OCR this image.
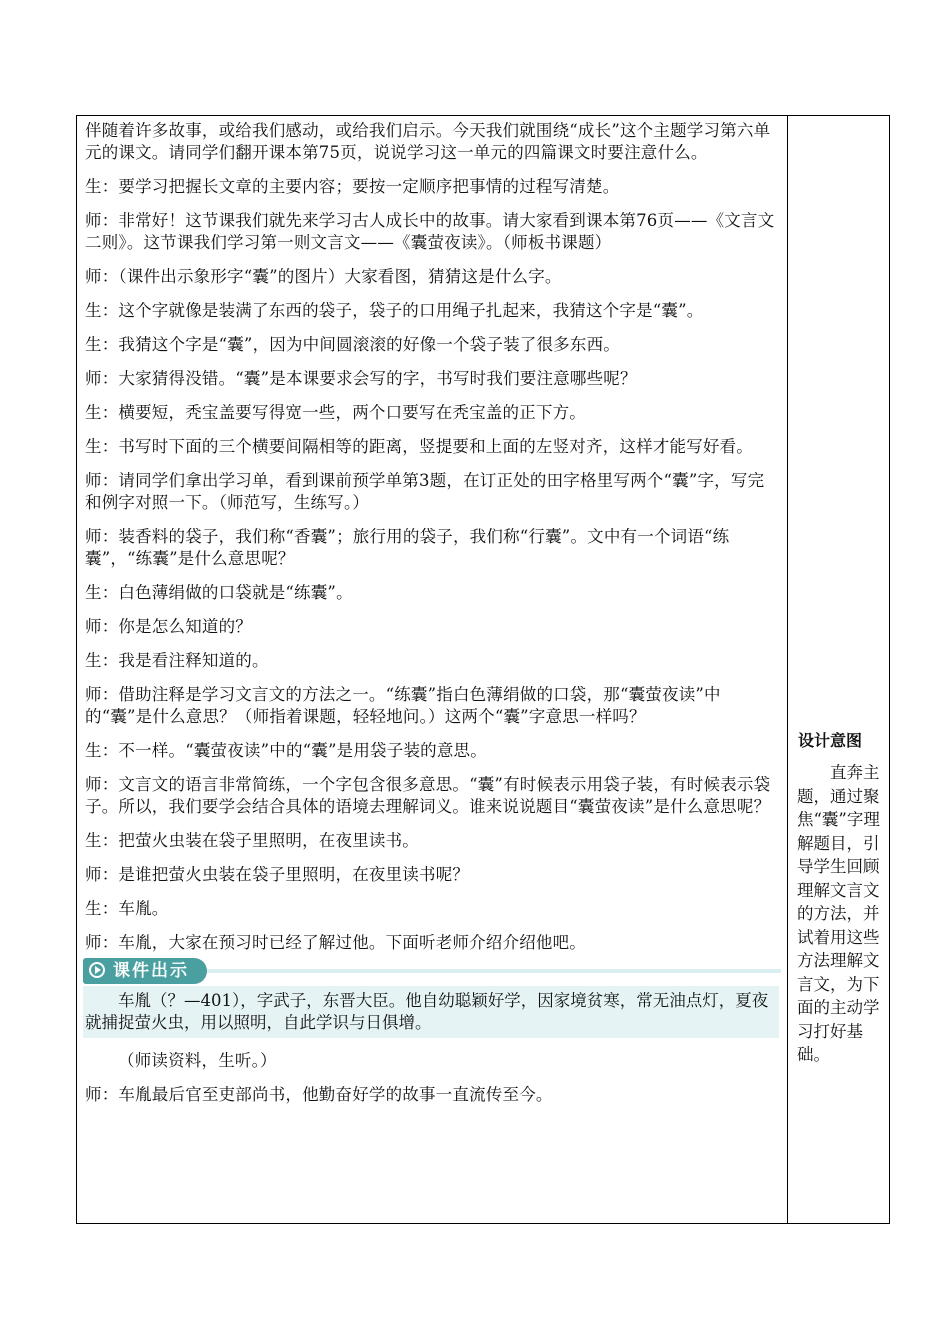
伴随着许多故事，或给我们感动，或给我们启示。今天我们就围绕“成长”这个主题学习第六单元的课文。请同学们翻开课本第75页，说说学习这一单元的四篇课文时要注意什么。

生：要学习把握长文章的主要内容；要按一定顺序把事情的过程写清楚。

师：非常好！这节课我们就先来学习古人成长中的故事。请大家看到课本第76页——《文言文二则》。这节课我们学习第一则文言文——《囊萤夜读》。（师板书课题）

师：（课件出示象形字“囊”的图片）大家看图，猜猜这是什么字。

生：这个字就像是装满了东西的袋子，袋子的口用绳子扎起来，我猜这个字是“囊”。

生：我猜这个字是“囊”，因为中间圆滚滚的好像一个袋子装了很多东西。

师：大家猜得没错。“囊”是本课要求会写的字，书写时我们要注意哪些呢？

生：横要短，秃宝盖要写得宽一些，两个口要写在秃宝盖的正下方。

生：书写时下面的三个横要间隔相等的距离，竖提要和上面的左竖对齐，这样才能写好看。

师：请同学们拿出学习单，看到课前预学单第3题，在订正处的田字格里写两个“囊”字，写完和例字对照一下。（师范写，生练写。）

师：装香料的袋子，我们称“香囊”；旅行用的袋子，我们称“行囊”。文中有一个词语“练囊”，“练囊”是什么意思呢？

生：白色薄绢做的口袋就是“练囊”。

师：你是怎么知道的？

生：我是看注释知道的。

师：借助注释是学习文言文的方法之一。“练囊”指白色薄绢做的口袋，那“囊萤夜读”中的“囊”是什么意思？（师指着课题，轻轻地问。）这两个“囊”字意思一样吗？

生：不一样。“囊萤夜读”中的“囊”是用袋子装的意思。

师：文言文的语言非常简练，一个字包含很多意思。“囊”有时候表示用袋子装，有时候表示袋子。所以，我们要学会结合具体的语境去理解词义。谁来说说题目“囊萤夜读”是什么意思呢？

生：把萤火虫装在袋子里照明，在夜里读书。

师：是谁把萤火虫装在袋子里照明，在夜里读书呢？

生：车胤。

师：车胤，大家在预习时已经了解过他。下面听老师介绍介绍他吧。

课件出示
车胤（？—401），字武子，东晋大臣。他自幼聪颖好学，因家境贫寒，常无油点灯，夏夜就捕捉萤火虫，用以照明，自此学识与日俱增。

（师读资料，生听。）

师：车胤最后官至吏部尚书，他勤奋好学的故事一直流传至今。

设计意图
直奔主题，通过聚焦“囊”字理解题目，引导学生回顾理解文言文的方法，并试着用这些方法理解文言文，为下面的主动学习打好基础。
